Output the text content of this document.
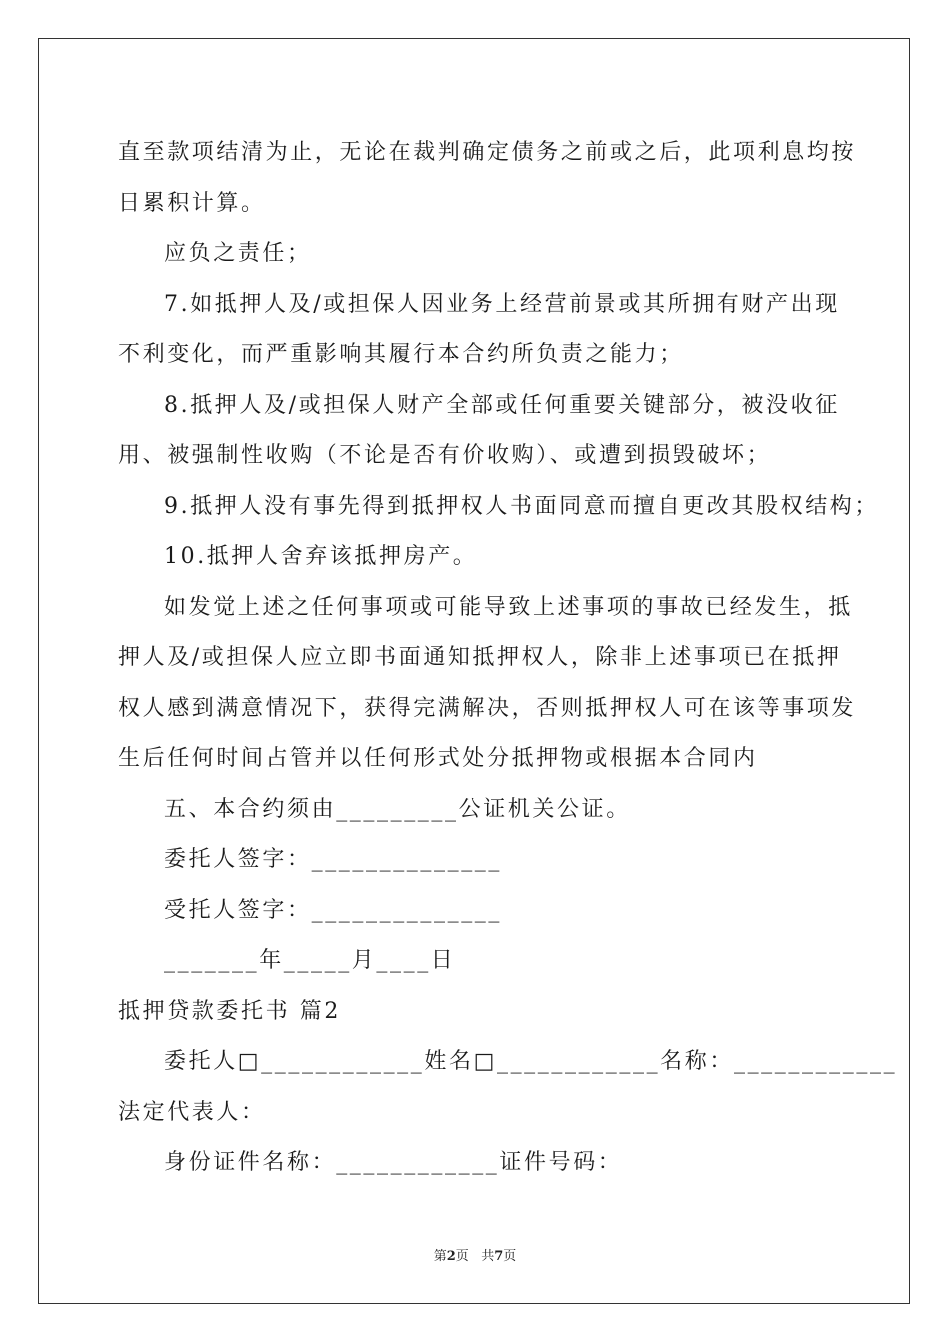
直至款项结清为止，无论在裁判确定债务之前或之后，此项利息均按
日累积计算。
应负之责任；
7.如抵押人及/或担保人因业务上经营前景或其所拥有财产出现
不利变化，而严重影响其履行本合约所负责之能力；
8.抵押人及/或担保人财产全部或任何重要关键部分，被没收征
用、被强制性收购（不论是否有价收购）、或遭到损毁破坏；
9.抵押人没有事先得到抵押权人书面同意而擅自更改其股权结构；
10.抵押人舍弃该抵押房产。
如发觉上述之任何事项或可能导致上述事项的事故已经发生，抵
押人及/或担保人应立即书面通知抵押权人，除非上述事项已在抵押
权人感到满意情况下，获得完满解决，否则抵押权人可在该等事项发
生后任何时间占管并以任何形式处分抵押物或根据本合同内
五、本合约须由_________公证机关公证。
委托人签字：______________
受托人签字：______________
_______年_____月____日
抵押贷款委托书 篇2
委托人□____________姓名□____________名称：____________
法定代表人：
身份证件名称：____________证件号码：
第2页 共7页
